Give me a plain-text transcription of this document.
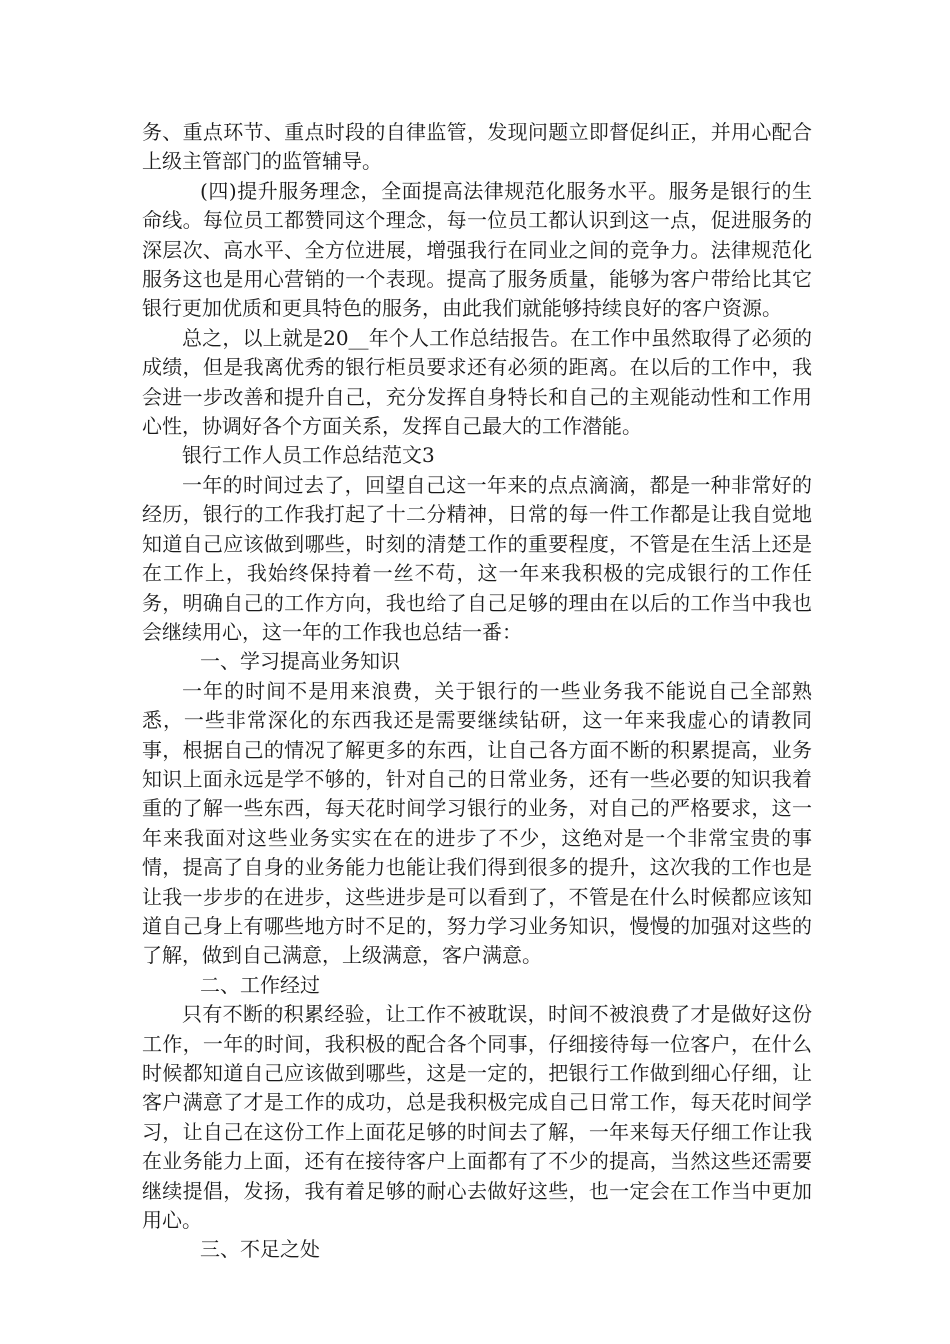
务、重点环节、重点时段的自律监管，发现问题立即督促纠正，并用心配合上级主管部门的监管辅导。

(四)提升服务理念，全面提高法律规范化服务水平。服务是银行的生命线。每位员工都赞同这个理念，每一位员工都认识到这一点，促进服务的深层次、高水平、全方位进展，增强我行在同业之间的竞争力。法律规范化服务这也是用心营销的一个表现。提高了服务质量，能够为客户带给比其它银行更加优质和更具特色的服务，由此我们就能够持续良好的客户资源。

总之，以上就是20__年个人工作总结报告。在工作中虽然取得了必须的成绩，但是我离优秀的银行柜员要求还有必须的距离。在以后的工作中，我会进一步改善和提升自己，充分发挥自身特长和自己的主观能动性和工作用心性，协调好各个方面关系，发挥自己最大的工作潜能。

银行工作人员工作总结范文3

一年的时间过去了，回望自己这一年来的点点滴滴，都是一种非常好的经历，银行的工作我打起了十二分精神，日常的每一件工作都是让我自觉地知道自己应该做到哪些，时刻的清楚工作的重要程度，不管是在生活上还是在工作上，我始终保持着一丝不苟，这一年来我积极的完成银行的工作任务，明确自己的工作方向，我也给了自己足够的理由在以后的工作当中我也会继续用心，这一年的工作我也总结一番：

一、学习提高业务知识

一年的时间不是用来浪费，关于银行的一些业务我不能说自己全部熟悉，一些非常深化的东西我还是需要继续钻研，这一年来我虚心的请教同事，根据自己的情况了解更多的东西，让自己各方面不断的积累提高，业务知识上面永远是学不够的，针对自己的日常业务，还有一些必要的知识我着重的了解一些东西，每天花时间学习银行的业务，对自己的严格要求，这一年来我面对这些业务实实在在的进步了不少，这绝对是一个非常宝贵的事情，提高了自身的业务能力也能让我们得到很多的提升，这次我的工作也是让我一步步的在进步，这些进步是可以看到了，不管是在什么时候都应该知道自己身上有哪些地方时不足的，努力学习业务知识，慢慢的加强对这些的了解，做到自己满意，上级满意，客户满意。

二、工作经过

只有不断的积累经验，让工作不被耽误，时间不被浪费了才是做好这份工作，一年的时间，我积极的配合各个同事，仔细接待每一位客户，在什么时候都知道自己应该做到哪些，这是一定的，把银行工作做到细心仔细，让客户满意了才是工作的成功，总是我积极完成自己日常工作，每天花时间学习，让自己在这份工作上面花足够的时间去了解，一年来每天仔细工作让我在业务能力上面，还有在接待客户上面都有了不少的提高，当然这些还需要继续提倡，发扬，我有着足够的耐心去做好这些，也一定会在工作当中更加用心。

三、不足之处
